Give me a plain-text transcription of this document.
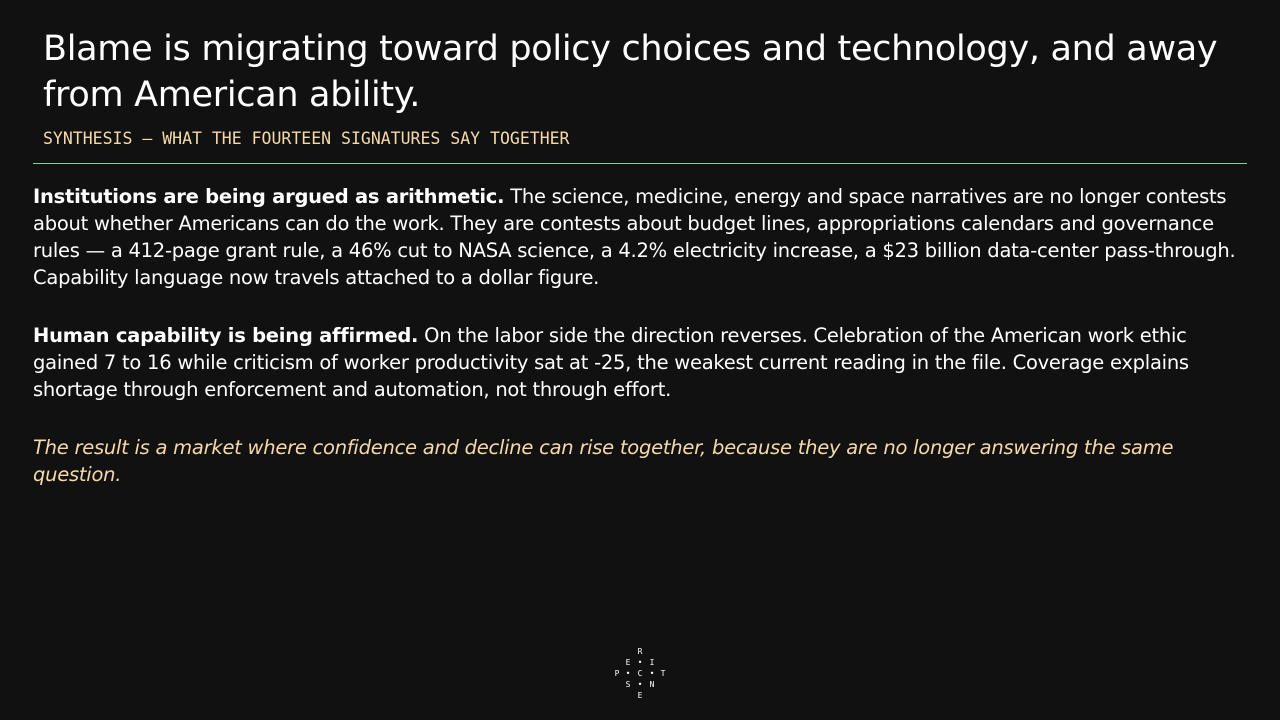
Blame is migrating toward policy choices and technology, and away from American ability.

SYNTHESIS — WHAT THE FOURTEEN SIGNATURES SAY TOGETHER

Institutions are being argued as arithmetic. The science, medicine, energy and space narratives are no longer contests about whether Americans can do the work. They are contests about budget lines, appropriations calendars and governance rules — a 412-page grant rule, a 46% cut to NASA science, a 4.2% electricity increase, a $23 billion data-center pass-through. Capability language now travels attached to a dollar figure.

Human capability is being affirmed. On the labor side the direction reverses. Celebration of the American work ethic gained 7 to 16 while criticism of worker productivity sat at -25, the weakest current reading in the file. Coverage explains shortage through enforcement and automation, not through effort.

The result is a market where confidence and decline can rise together, because they are no longer answering the same question.

R
E • I
P • C • T
S • N
E
